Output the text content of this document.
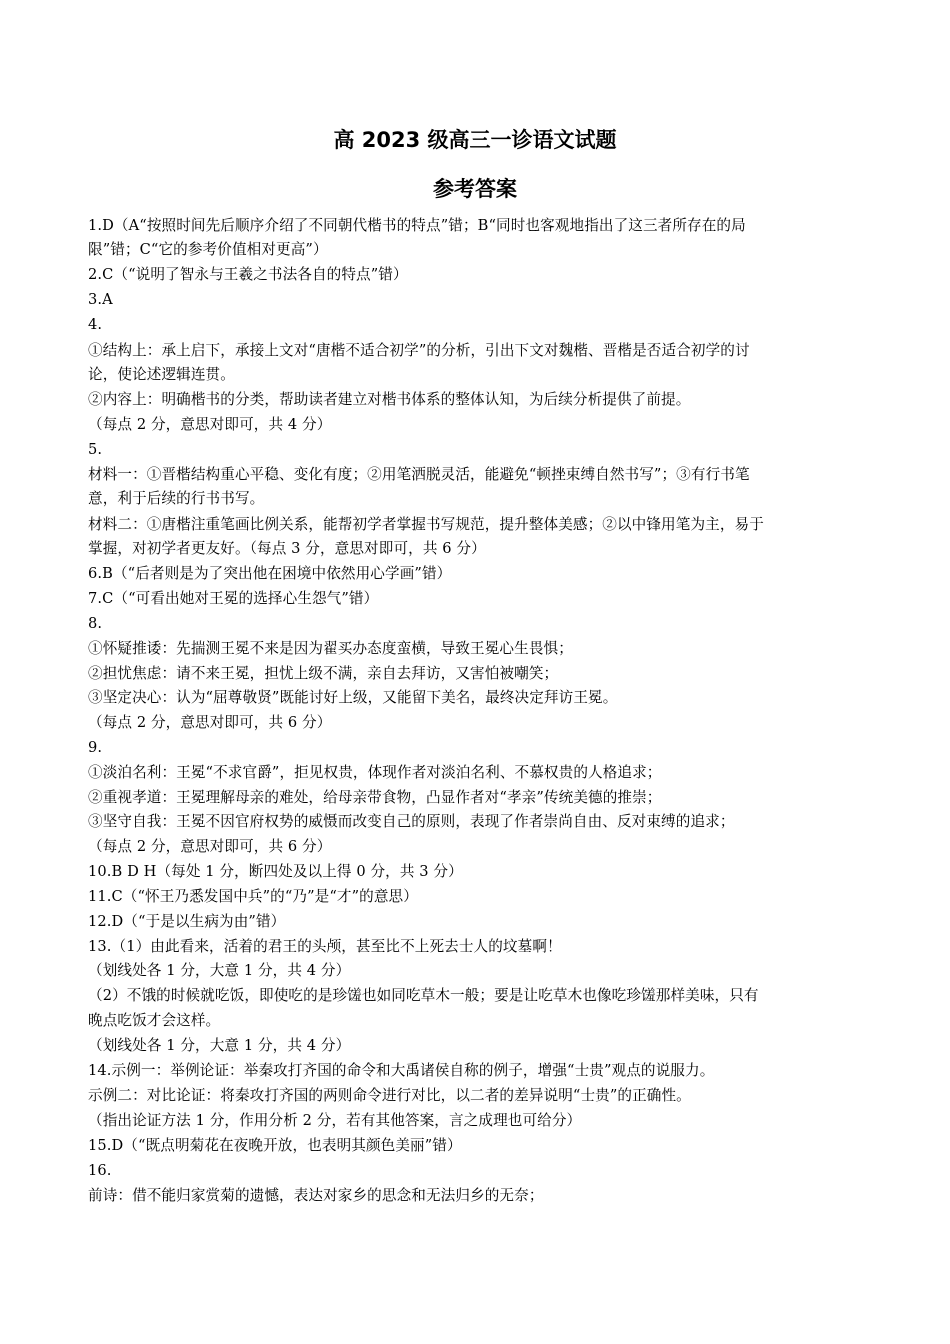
高 2023 级高三一诊语文试题
参考答案
1.D（A“按照时间先后顺序介绍了不同朝代楷书的特点”错；B“同时也客观地指出了这三者所存在的局
限”错；C“它的参考价值相对更高”）
2.C（“说明了智永与王羲之书法各自的特点”错）
3.A
4.
①结构上：承上启下，承接上文对“唐楷不适合初学”的分析，引出下文对魏楷、晋楷是否适合初学的讨
论，使论述逻辑连贯。
②内容上：明确楷书的分类，帮助读者建立对楷书体系的整体认知，为后续分析提供了前提。
（每点 2 分，意思对即可，共 4 分）
5.
材料一：①晋楷结构重心平稳、变化有度；②用笔洒脱灵活，能避免“顿挫束缚自然书写”；③有行书笔
意，利于后续的行书书写。
材料二：①唐楷注重笔画比例关系，能帮初学者掌握书写规范，提升整体美感；②以中锋用笔为主，易于
掌握，对初学者更友好。（每点 3 分，意思对即可，共 6 分）
6.B（“后者则是为了突出他在困境中依然用心学画”错）
7.C（“可看出她对王冕的选择心生怨气”错）
8.
①怀疑推诿：先揣测王冕不来是因为翟买办态度蛮横，导致王冕心生畏惧；
②担忧焦虑：请不来王冕，担忧上级不满，亲自去拜访，又害怕被嘲笑；
③坚定决心：认为“屈尊敬贤”既能讨好上级，又能留下美名，最终决定拜访王冕。
（每点 2 分，意思对即可，共 6 分）
9.
①淡泊名利：王冕“不求官爵”，拒见权贵，体现作者对淡泊名利、不慕权贵的人格追求；
②重视孝道：王冕理解母亲的难处，给母亲带食物，凸显作者对“孝亲”传统美德的推崇；
③坚守自我：王冕不因官府权势的威慑而改变自己的原则，表现了作者崇尚自由、反对束缚的追求；
（每点 2 分，意思对即可，共 6 分）
10.B D H（每处 1 分，断四处及以上得 0 分，共 3 分）
11.C（“怀王乃悉发国中兵”的“乃”是“才”的意思）
12.D（“于是以生病为由”错）
13.（1）由此看来，活着的君王的头颅，甚至比不上死去士人的坟墓啊！
（划线处各 1 分，大意 1 分，共 4 分）
（2）不饿的时候就吃饭，即使吃的是珍馐也如同吃草木一般；要是让吃草木也像吃珍馐那样美味，只有
晚点吃饭才会这样。
（划线处各 1 分，大意 1 分，共 4 分）
14.示例一：举例论证：举秦攻打齐国的命令和大禹诸侯自称的例子，增强“士贵”观点的说服力。
示例二：对比论证：将秦攻打齐国的两则命令进行对比，以二者的差异说明“士贵”的正确性。
（指出论证方法 1 分，作用分析 2 分，若有其他答案，言之成理也可给分）
15.D（“既点明菊花在夜晚开放，也表明其颜色美丽”错）
16.
前诗：借不能归家赏菊的遗憾，表达对家乡的思念和无法归乡的无奈；
